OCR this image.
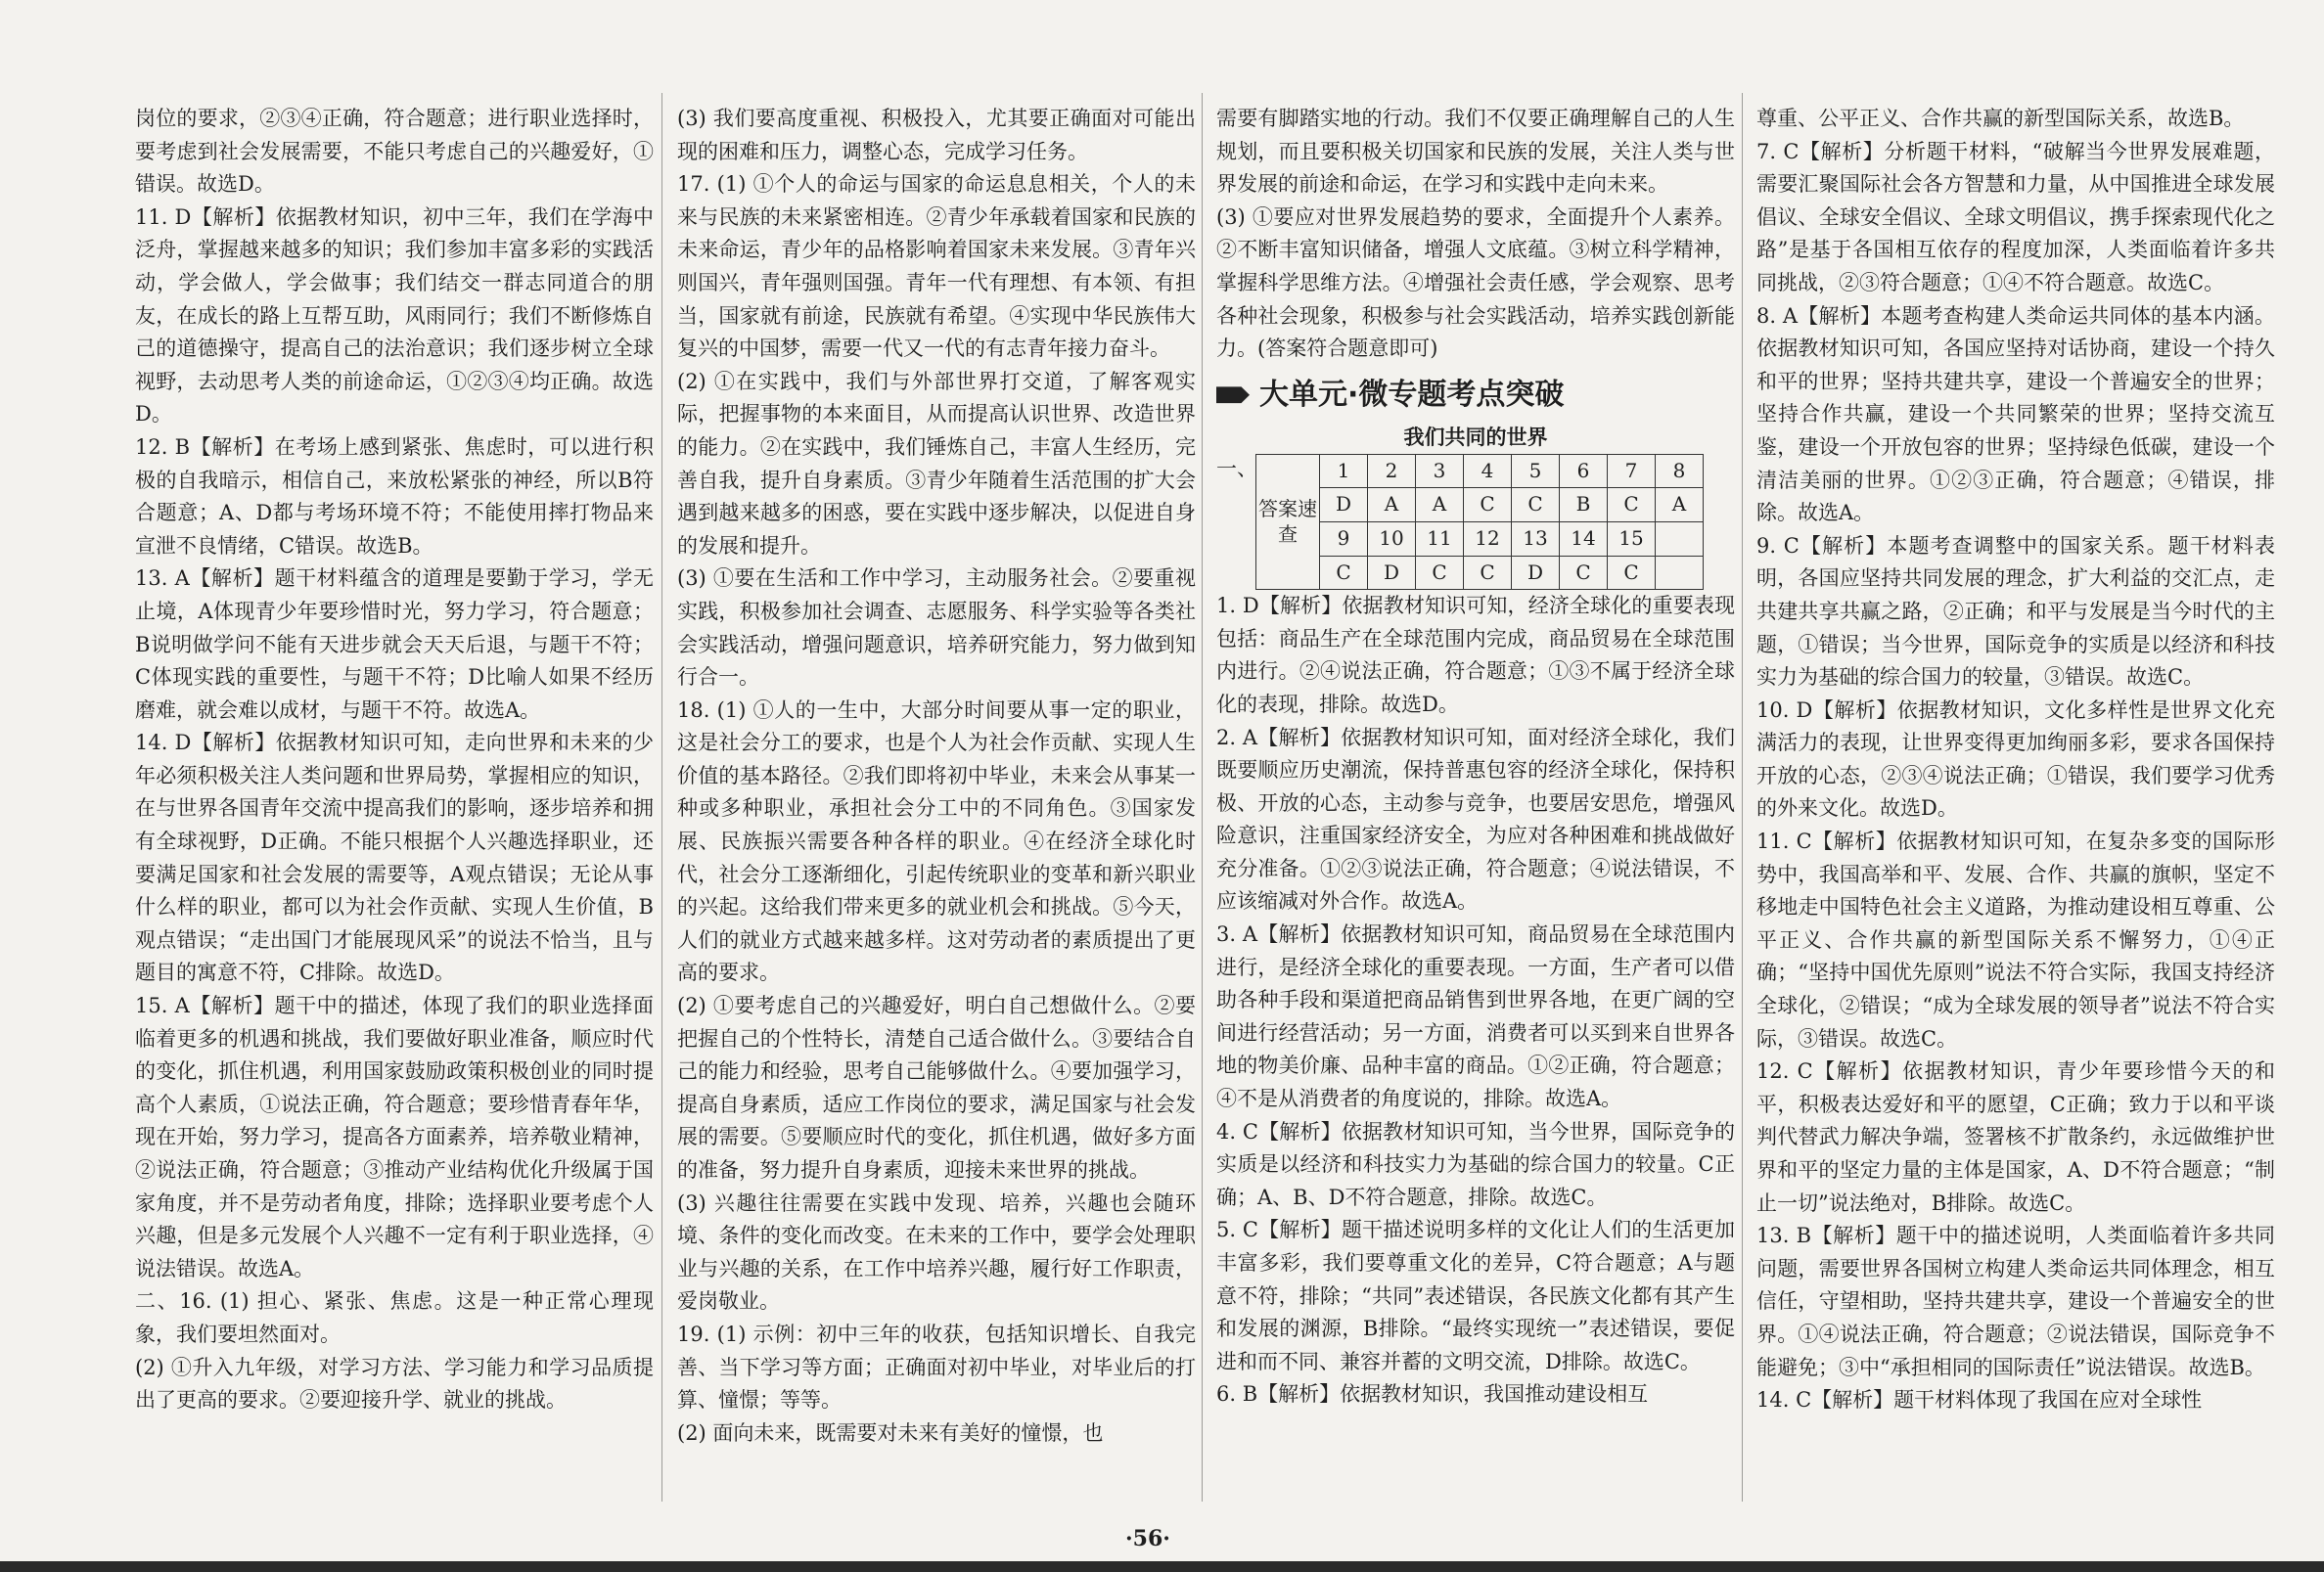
岗位的要求，②③④正确，符合题意；进行职业选择时，要考虑到社会发展需要，不能只考虑自己的兴趣爱好，①错误。故选D。

11. D【解析】依据教材知识，初中三年，我们在学海中泛舟，掌握越来越多的知识；我们参加丰富多彩的实践活动，学会做人，学会做事；我们结交一群志同道合的朋友，在成长的路上互帮互助，风雨同行；我们不断修炼自己的道德操守，提高自己的法治意识；我们逐步树立全球视野，去动思考人类的前途命运，①②③④均正确。故选D。

12. B【解析】在考场上感到紧张、焦虑时，可以进行积极的自我暗示，相信自己，来放松紧张的神经，所以B符合题意；A、D都与考场环境不符；不能使用摔打物品来宣泄不良情绪，C错误。故选B。

13. A【解析】题干材料蕴含的道理是要勤于学习，学无止境，A体现青少年要珍惜时光，努力学习，符合题意；B说明做学问不能有天进步就会天天后退，与题干不符；C体现实践的重要性，与题干不符；D比喻人如果不经历磨难，就会难以成材，与题干不符。故选A。

14. D【解析】依据教材知识可知，走向世界和未来的少年必须积极关注人类问题和世界局势，掌握相应的知识，在与世界各国青年交流中提高我们的影响，逐步培养和拥有全球视野，D正确。不能只根据个人兴趣选择职业，还要满足国家和社会发展的需要等，A观点错误；无论从事什么样的职业，都可以为社会作贡献、实现人生价值，B观点错误；“走出国门才能展现风采”的说法不恰当，且与题目的寓意不符，C排除。故选D。

15. A【解析】题干中的描述，体现了我们的职业选择面临着更多的机遇和挑战，我们要做好职业准备，顺应时代的变化，抓住机遇，利用国家鼓励政策积极创业的同时提高个人素质，①说法正确，符合题意；要珍惜青春年华，现在开始，努力学习，提高各方面素养，培养敬业精神，②说法正确，符合题意；③推动产业结构优化升级属于国家角度，并不是劳动者角度，排除；选择职业要考虑个人兴趣，但是多元发展个人兴趣不一定有利于职业选择，④说法错误。故选A。

二、16. (1) 担心、紧张、焦虑。这是一种正常心理现象，我们要坦然面对。

(2) ①升入九年级，对学习方法、学习能力和学习品质提出了更高的要求。②要迎接升学、就业的挑战。

(3) 我们要高度重视、积极投入，尤其要正确面对可能出现的困难和压力，调整心态，完成学习任务。

17. (1) ①个人的命运与国家的命运息息相关，个人的未来与民族的未来紧密相连。②青少年承载着国家和民族的未来命运，青少年的品格影响着国家未来发展。③青年兴则国兴，青年强则国强。青年一代有理想、有本领、有担当，国家就有前途，民族就有希望。④实现中华民族伟大复兴的中国梦，需要一代又一代的有志青年接力奋斗。

(2) ①在实践中，我们与外部世界打交道，了解客观实际，把握事物的本来面目，从而提高认识世界、改造世界的能力。②在实践中，我们锤炼自己，丰富人生经历，完善自我，提升自身素质。③青少年随着生活范围的扩大会遇到越来越多的困惑，要在实践中逐步解决，以促进自身的发展和提升。

(3) ①要在生活和工作中学习，主动服务社会。②要重视实践，积极参加社会调查、志愿服务、科学实验等各类社会实践活动，增强问题意识，培养研究能力，努力做到知行合一。

18. (1) ①人的一生中，大部分时间要从事一定的职业，这是社会分工的要求，也是个人为社会作贡献、实现人生价值的基本路径。②我们即将初中毕业，未来会从事某一种或多种职业，承担社会分工中的不同角色。③国家发展、民族振兴需要各种各样的职业。④在经济全球化时代，社会分工逐渐细化，引起传统职业的变革和新兴职业的兴起。这给我们带来更多的就业机会和挑战。⑤今天，人们的就业方式越来越多样。这对劳动者的素质提出了更高的要求。

(2) ①要考虑自己的兴趣爱好，明白自己想做什么。②要把握自己的个性特长，清楚自己适合做什么。③要结合自己的能力和经验，思考自己能够做什么。④要加强学习，提高自身素质，适应工作岗位的要求，满足国家与社会发展的需要。⑤要顺应时代的变化，抓住机遇，做好多方面的准备，努力提升自身素质，迎接未来世界的挑战。

(3) 兴趣往往需要在实践中发现、培养，兴趣也会随环境、条件的变化而改变。在未来的工作中，要学会处理职业与兴趣的关系，在工作中培养兴趣，履行好工作职责，爱岗敬业。

19. (1) 示例：初中三年的收获，包括知识增长、自我完善、当下学习等方面；正确面对初中毕业，对毕业后的打算、憧憬；等等。

(2) 面向未来，既需要对未来有美好的憧憬，也

需要有脚踏实地的行动。我们不仅要正确理解自己的人生规划，而且要积极关切国家和民族的发展，关注人类与世界发展的前途和命运，在学习和实践中走向未来。

(3) ①要应对世界发展趋势的要求，全面提升个人素养。②不断丰富知识储备，增强人文底蕴。③树立科学精神，掌握科学思维方法。④增强社会责任感，学会观察、思考各种社会现象，积极参与社会实践活动，培养实践创新能力。(答案符合题意即可)

大单元·微专题考点突破
我们共同的世界
一、
答案速查	1	2	3	4	5	6	7	8
	D	A	A	C	C	B	C	A
	9	10	11	12	13	14	15	
	C	D	C	C	D	C	C	

1. D【解析】依据教材知识可知，经济全球化的重要表现包括：商品生产在全球范围内完成，商品贸易在全球范围内进行。②④说法正确，符合题意；①③不属于经济全球化的表现，排除。故选D。

2. A【解析】依据教材知识可知，面对经济全球化，我们既要顺应历史潮流，保持普惠包容的经济全球化，保持积极、开放的心态，主动参与竞争，也要居安思危，增强风险意识，注重国家经济安全，为应对各种困难和挑战做好充分准备。①②③说法正确，符合题意；④说法错误，不应该缩减对外合作。故选A。

3. A【解析】依据教材知识可知，商品贸易在全球范围内进行，是经济全球化的重要表现。一方面，生产者可以借助各种手段和渠道把商品销售到世界各地，在更广阔的空间进行经营活动；另一方面，消费者可以买到来自世界各地的物美价廉、品种丰富的商品。①②正确，符合题意；④不是从消费者的角度说的，排除。故选A。

4. C【解析】依据教材知识可知，当今世界，国际竞争的实质是以经济和科技实力为基础的综合国力的较量。C正确；A、B、D不符合题意，排除。故选C。

5. C【解析】题干描述说明多样的文化让人们的生活更加丰富多彩，我们要尊重文化的差异，C符合题意；A与题意不符，排除；“共同”表述错误，各民族文化都有其产生和发展的渊源，B排除。“最终实现统一”表述错误，要促进和而不同、兼容并蓄的文明交流，D排除。故选C。

6. B【解析】依据教材知识，我国推动建设相互

尊重、公平正义、合作共赢的新型国际关系，故选B。

7. C【解析】分析题干材料，“破解当今世界发展难题，需要汇聚国际社会各方智慧和力量，从中国推进全球发展倡议、全球安全倡议、全球文明倡议，携手探索现代化之路”是基于各国相互依存的程度加深，人类面临着许多共同挑战，②③符合题意；①④不符合题意。故选C。

8. A【解析】本题考查构建人类命运共同体的基本内涵。依据教材知识可知，各国应坚持对话协商，建设一个持久和平的世界；坚持共建共享，建设一个普遍安全的世界；坚持合作共赢，建设一个共同繁荣的世界；坚持交流互鉴，建设一个开放包容的世界；坚持绿色低碳，建设一个清洁美丽的世界。①②③正确，符合题意；④错误，排除。故选A。

9. C【解析】本题考查调整中的国家关系。题干材料表明，各国应坚持共同发展的理念，扩大利益的交汇点，走共建共享共赢之路，②正确；和平与发展是当今时代的主题，①错误；当今世界，国际竞争的实质是以经济和科技实力为基础的综合国力的较量，③错误。故选C。

10. D【解析】依据教材知识，文化多样性是世界文化充满活力的表现，让世界变得更加绚丽多彩，要求各国保持开放的心态，②③④说法正确；①错误，我们要学习优秀的外来文化。故选D。

11. C【解析】依据教材知识可知，在复杂多变的国际形势中，我国高举和平、发展、合作、共赢的旗帜，坚定不移地走中国特色社会主义道路，为推动建设相互尊重、公平正义、合作共赢的新型国际关系不懈努力，①④正确；“坚持中国优先原则”说法不符合实际，我国支持经济全球化，②错误；“成为全球发展的领导者”说法不符合实际，③错误。故选C。

12. C【解析】依据教材知识，青少年要珍惜今天的和平，积极表达爱好和平的愿望，C正确；致力于以和平谈判代替武力解决争端，签署核不扩散条约，永远做维护世界和平的坚定力量的主体是国家，A、D不符合题意；“制止一切”说法绝对，B排除。故选C。

13. B【解析】题干中的描述说明，人类面临着许多共同问题，需要世界各国树立构建人类命运共同体理念，相互信任，守望相助，坚持共建共享，建设一个普遍安全的世界。①④说法正确，符合题意；②说法错误，国际竞争不能避免；③中“承担相同的国际责任”说法错误。故选B。

14. C【解析】题干材料体现了我国在应对全球性

·56·
